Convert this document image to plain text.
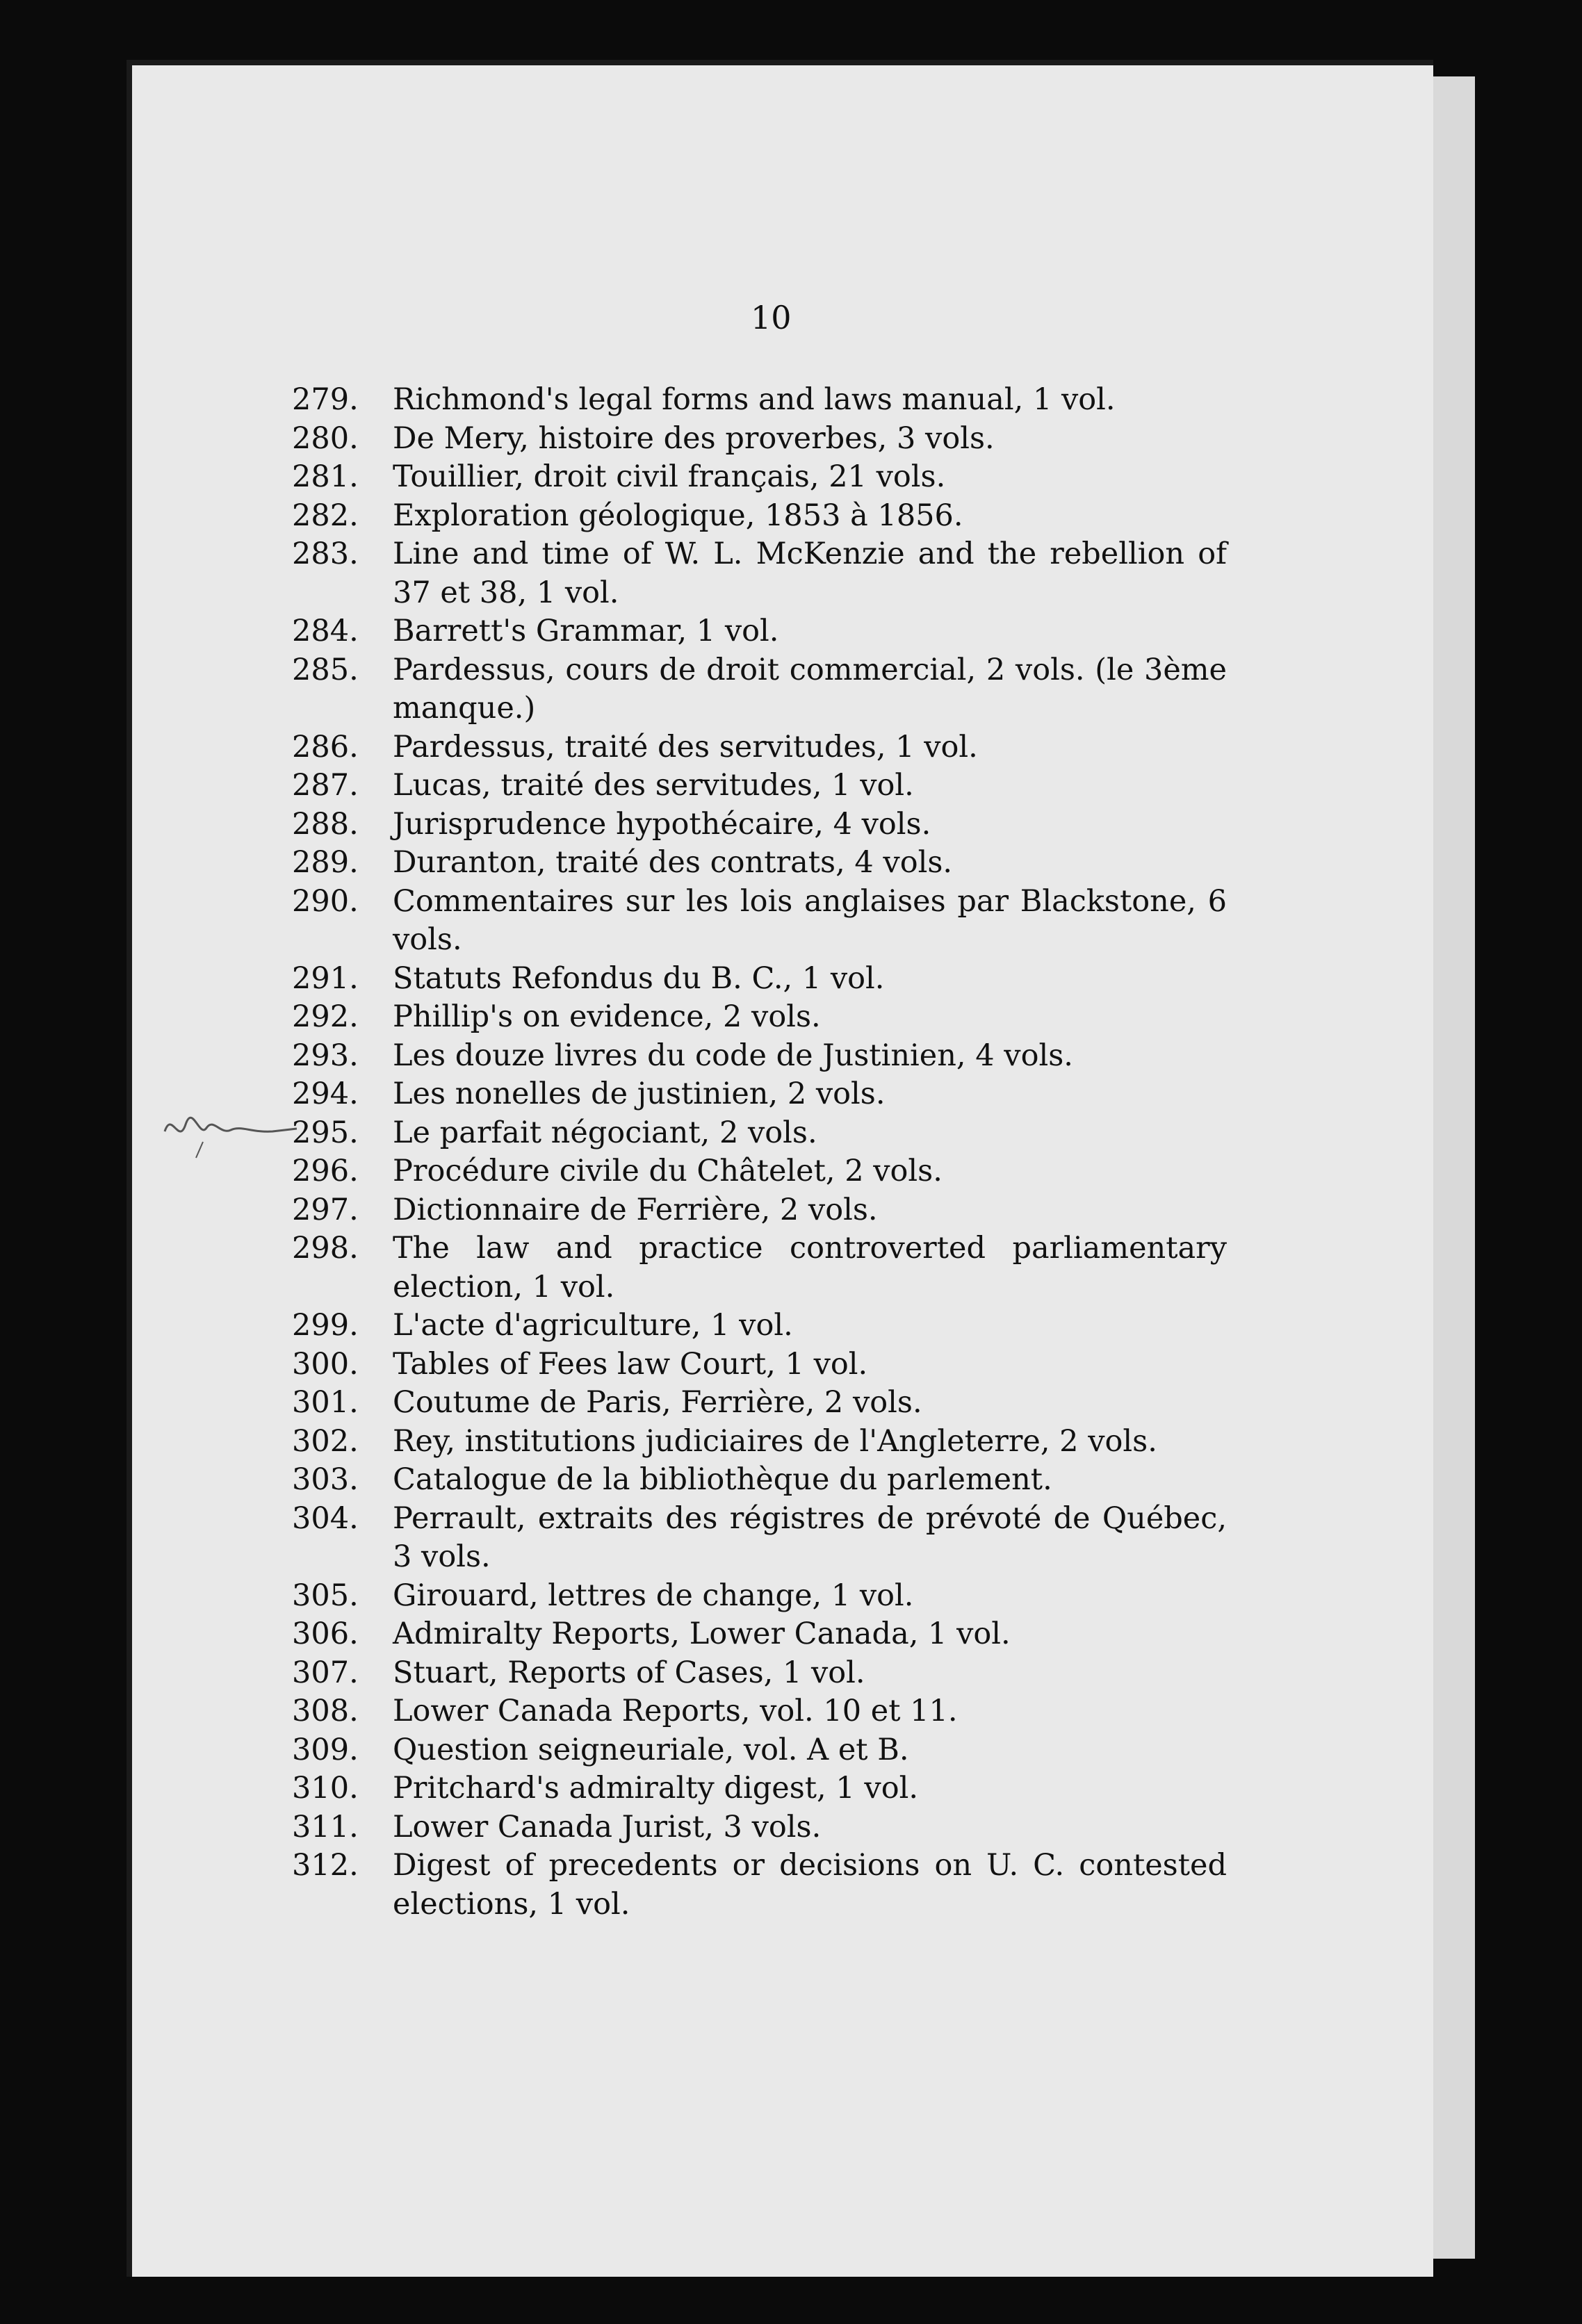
10
279.	Richmond's legal forms and laws manual, 1 vol.
280.	De Mery, histoire des proverbes, 3 vols.
281.	Touillier, droit civil français, 21 vols.
282.	Exploration géologique, 1853 à 1856.
283.	Line and time of W. L. McKenzie and the rebellion of 37 et 38, 1 vol.
284.	Barrett's Grammar, 1 vol.
285.	Pardessus, cours de droit commercial, 2 vols. (le 3ème manque.)
286.	Pardessus, traité des servitudes, 1 vol.
287.	Lucas, traité des servitudes, 1 vol.
288.	Jurisprudence hypothécaire, 4 vols.
289.	Duranton, traité des contrats, 4 vols.
290.	Commentaires sur les lois anglaises par Blackstone, 6 vols.
291.	Statuts Refondus du B. C., 1 vol.
292.	Phillip's on evidence, 2 vols.
293.	Les douze livres du code de Justinien, 4 vols.
294.	Les nonelles de justinien, 2 vols.
295.	Le parfait négociant, 2 vols.
296.	Procédure civile du Châtelet, 2 vols.
297.	Dictionnaire de Ferrière, 2 vols.
298.	The law and practice controverted parliamentary election, 1 vol.
299.	L'acte d'agriculture, 1 vol.
300.	Tables of Fees law Court, 1 vol.
301.	Coutume de Paris, Ferrière, 2 vols.
302.	Rey, institutions judiciaires de l'Angleterre, 2 vols.
303.	Catalogue de la bibliothèque du parlement.
304.	Perrault, extraits des régistres de prévoté de Québec, 3 vols.
305.	Girouard, lettres de change, 1 vol.
306.	Admiralty Reports, Lower Canada, 1 vol.
307.	Stuart, Reports of Cases, 1 vol.
308.	Lower Canada Reports, vol. 10 et 11.
309.	Question seigneuriale, vol. A et B.
310.	Pritchard's admiralty digest, 1 vol.
311.	Lower Canada Jurist, 3 vols.
312.	Digest of precedents or decisions on U. C. contested elections, 1 vol.
